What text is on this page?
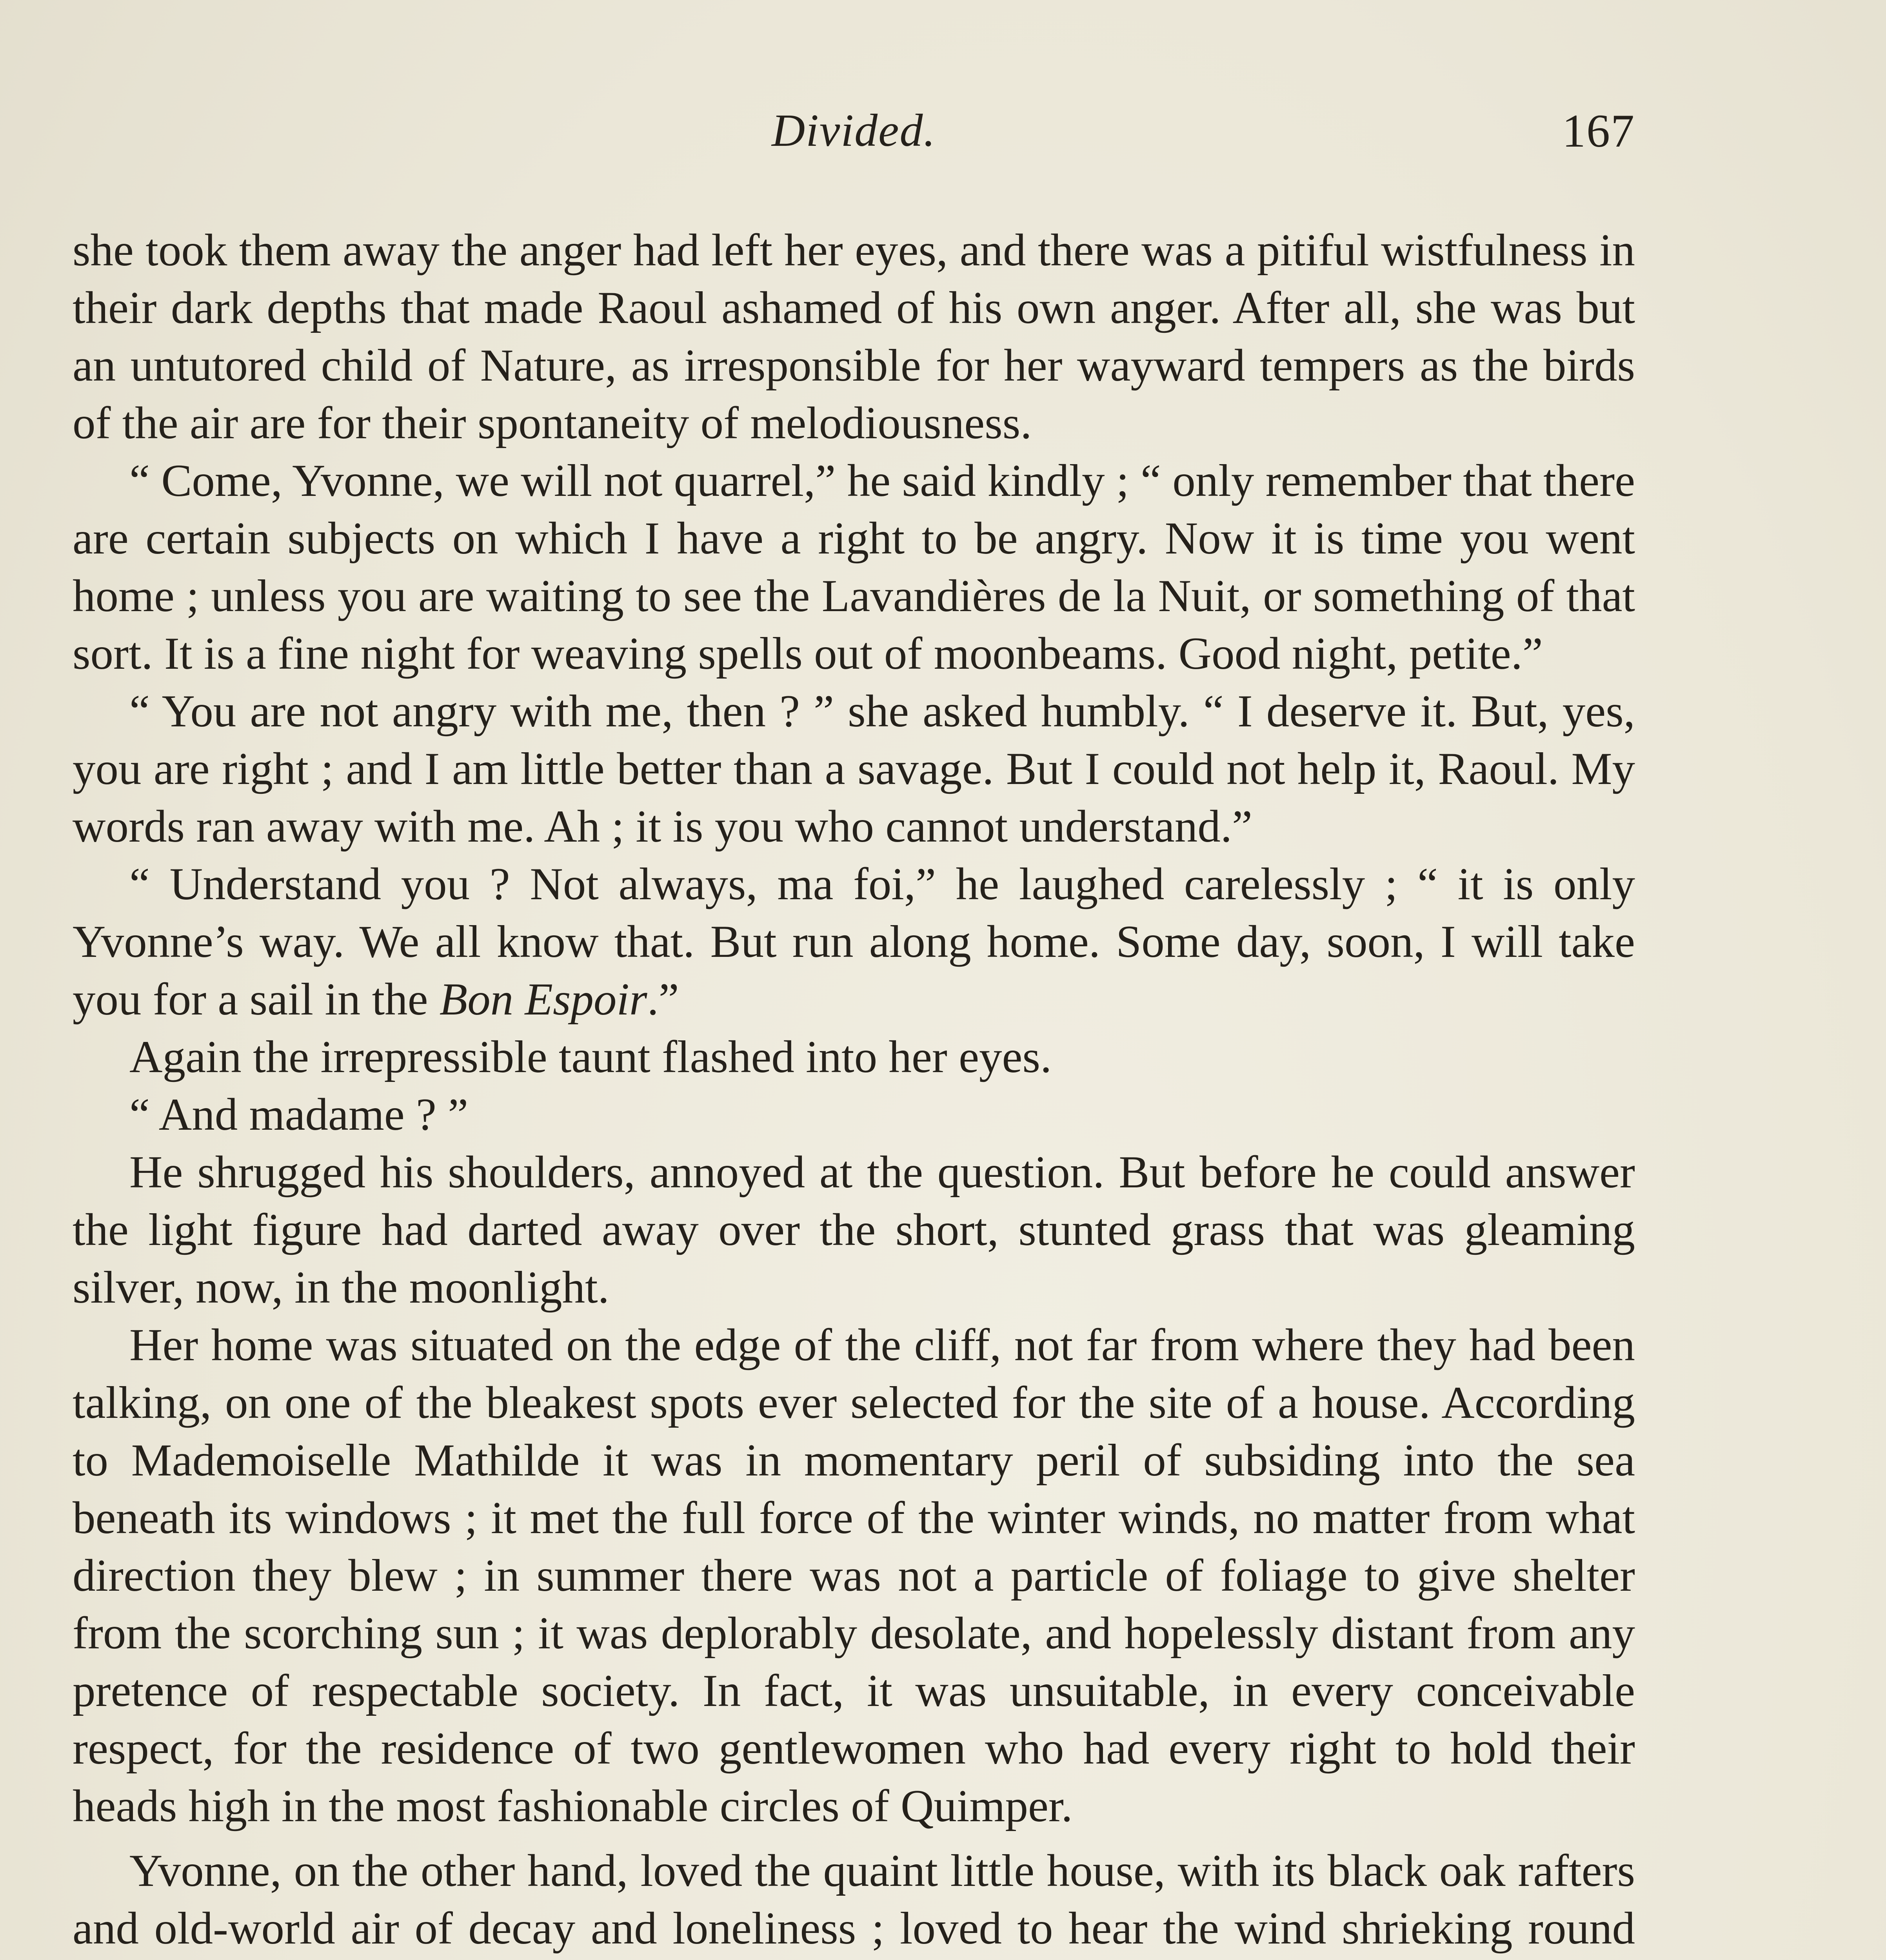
Divided.	167

she took them away the anger had left her eyes, and there was a pitiful wistfulness in their dark depths that made Raoul ashamed of his own anger. After all, she was but an untutored child of Nature, as irresponsible for her wayward tempers as the birds of the air are for their spontaneity of melodiousness.

“ Come, Yvonne, we will not quarrel,” he said kindly ; “ only remember that there are certain subjects on which I have a right to be angry. Now it is time you went home ; unless you are waiting to see the Lavandières de la Nuit, or something of that sort. It is a fine night for weaving spells out of moonbeams. Good night, petite.”

“ You are not angry with me, then ? ” she asked humbly. “ I deserve it. But, yes, you are right ; and I am little better than a savage. But I could not help it, Raoul. My words ran away with me. Ah ; it is you who cannot understand.”

“ Understand you ? Not always, ma foi,” he laughed carelessly ; “ it is only Yvonne’s way. We all know that. But run along home. Some day, soon, I will take you for a sail in the Bon Espoir.”

Again the irrepressible taunt flashed into her eyes.

“ And madame ? ”

He shrugged his shoulders, annoyed at the question. But before he could answer the light figure had darted away over the short, stunted grass that was gleaming silver, now, in the moonlight.

Her home was situated on the edge of the cliff, not far from where they had been talking, on one of the bleakest spots ever selected for the site of a house. According to Mademoiselle Mathilde it was in momentary peril of subsiding into the sea beneath its windows ; it met the full force of the winter winds, no matter from what direction they blew ; in summer there was not a particle of foliage to give shelter from the scorching sun ; it was deplorably desolate, and hopelessly distant from any pretence of respectable society. In fact, it was unsuitable, in every conceivable respect, for the residence of two gentlewomen who had every right to hold their heads high in the most fashionable circles of Quimper.

Yvonne, on the other hand, loved the quaint little house, with its black oak rafters and old-world air of decay and loneliness ; loved to hear the wind shrieking round
